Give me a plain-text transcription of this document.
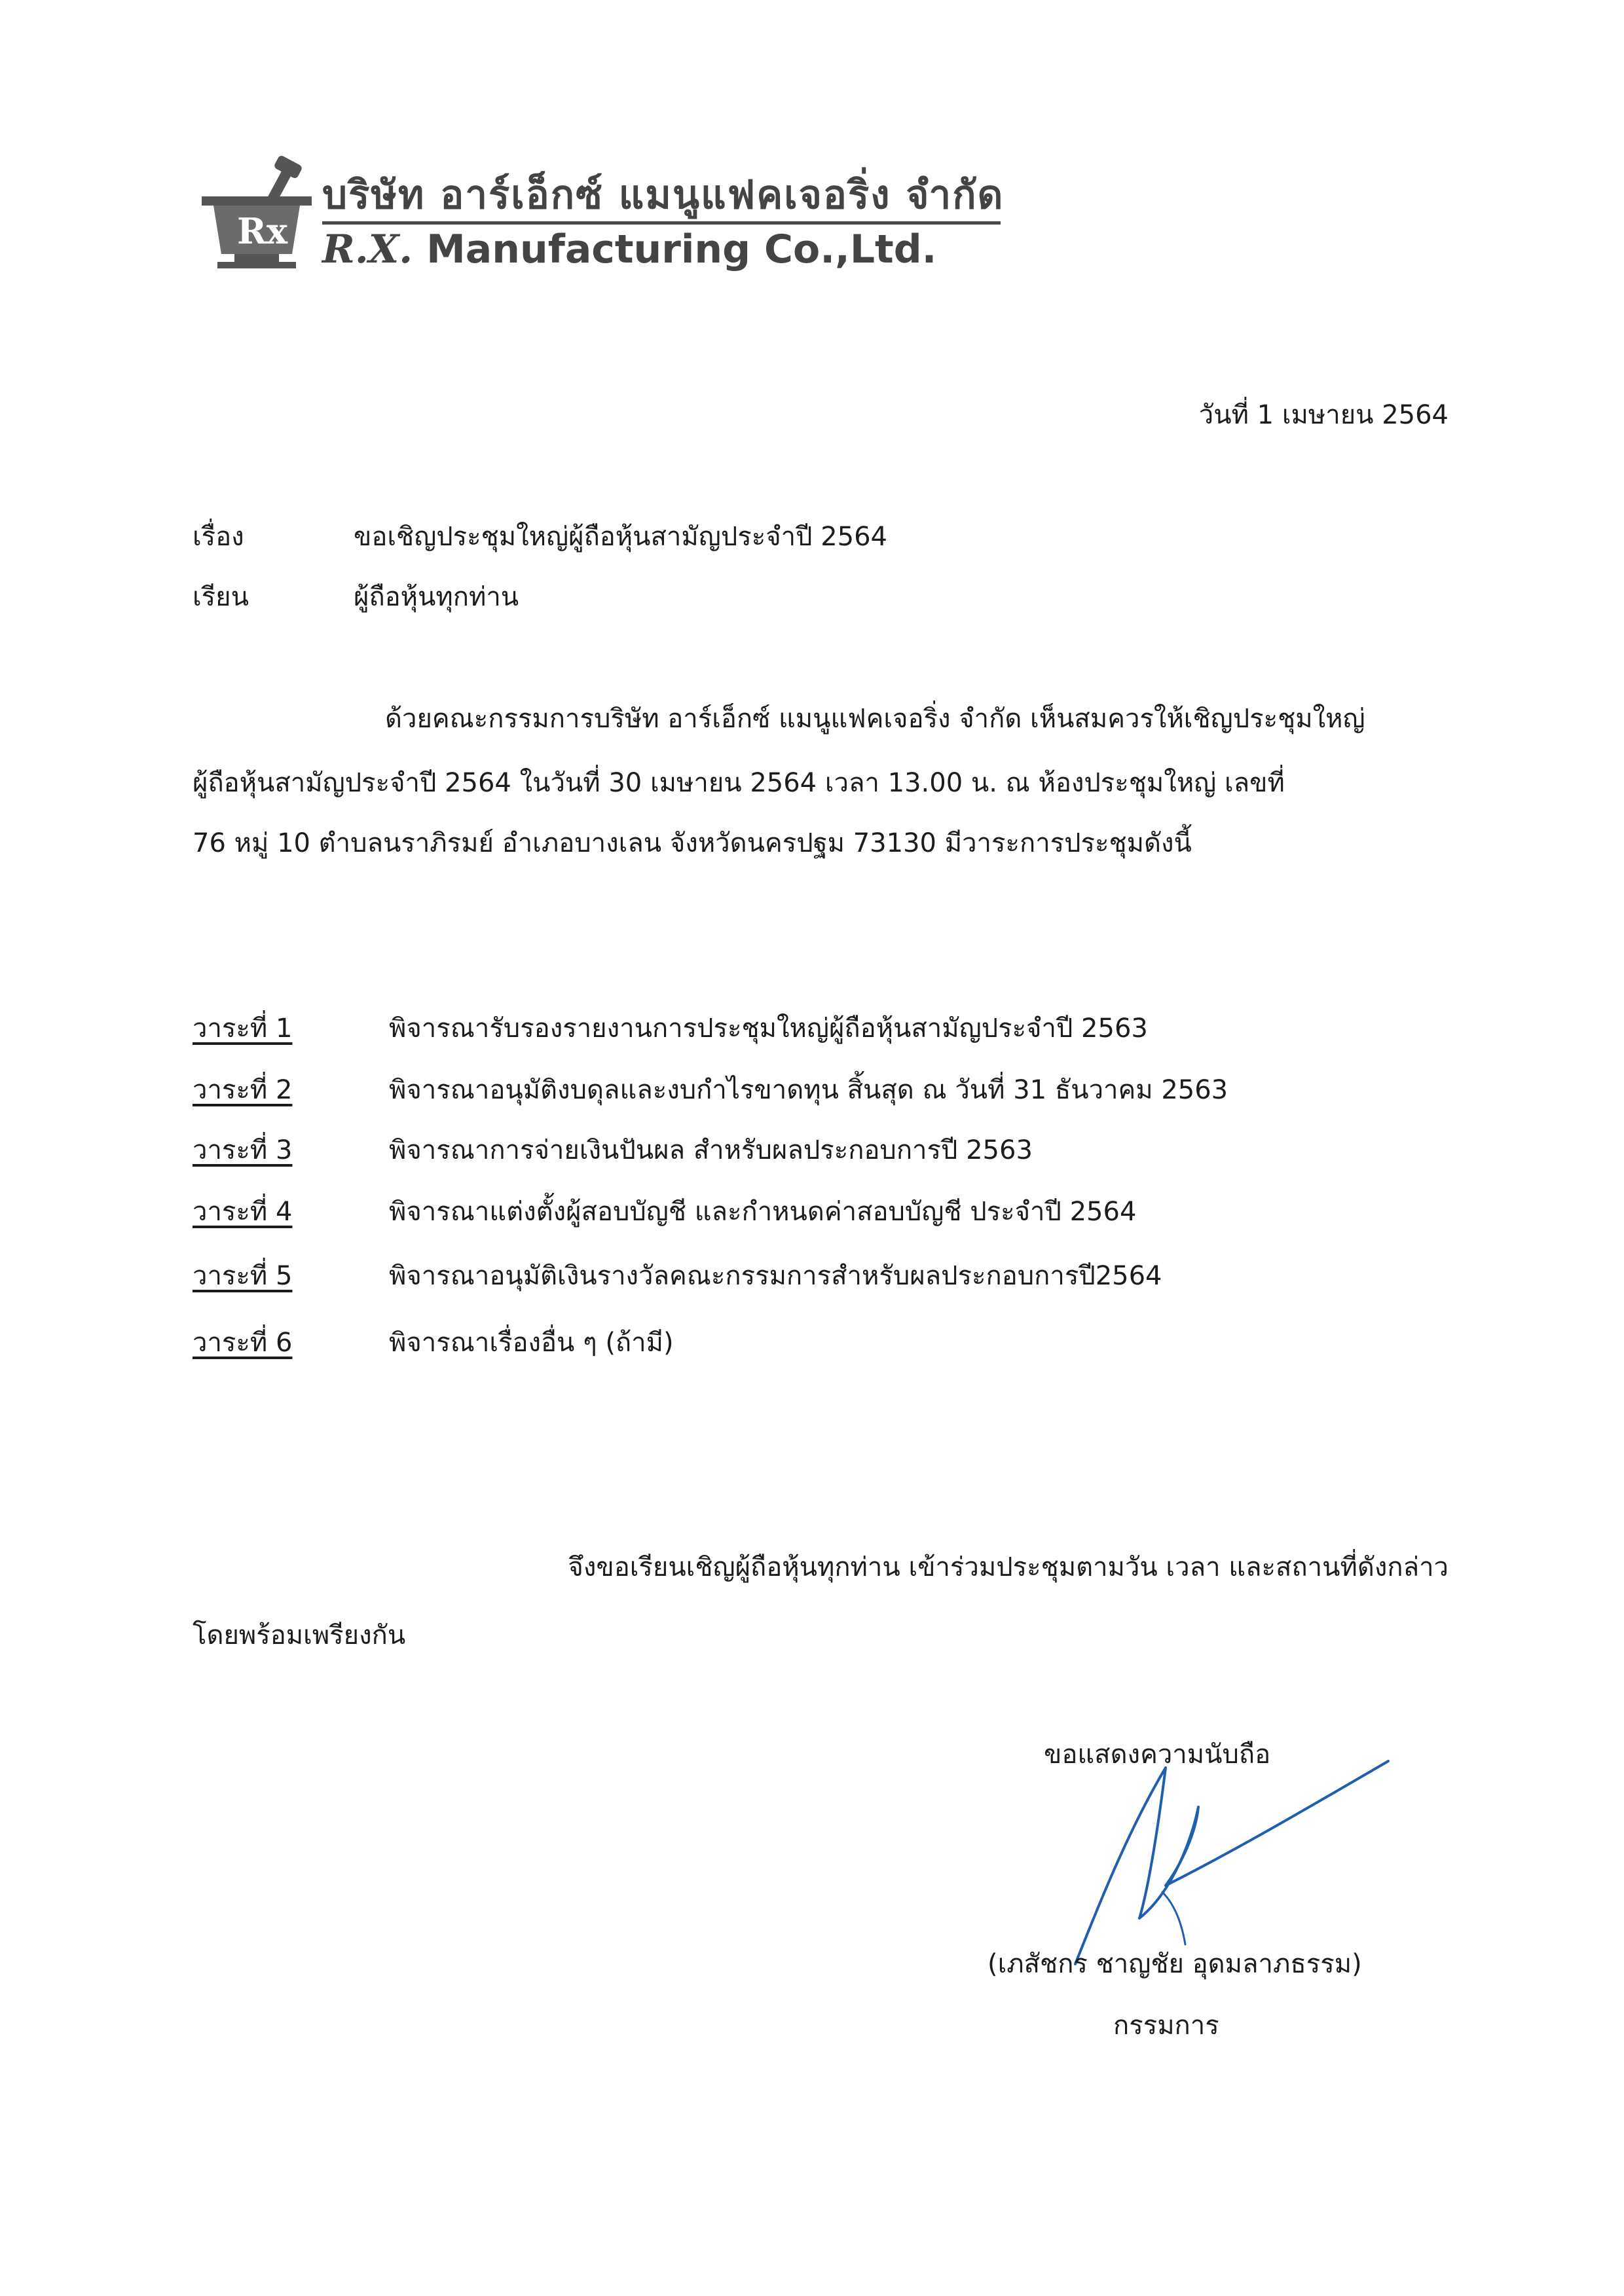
Rx
บริษัท อาร์เอ็กซ์ แมนูแฟคเจอริ่ง จำกัด
R.X. Manufacturing Co.,Ltd.
วันที่ 1 เมษายน 2564
เรื่อง	ขอเชิญประชุมใหญ่ผู้ถือหุ้นสามัญประจำปี 2564
เรียน	ผู้ถือหุ้นทุกท่าน
ด้วยคณะกรรมการบริษัท อาร์เอ็กซ์ แมนูแฟคเจอริ่ง จำกัด เห็นสมควรให้เชิญประชุมใหญ่
ผู้ถือหุ้นสามัญประจำปี 2564 ในวันที่ 30 เมษายน 2564 เวลา 13.00 น. ณ ห้องประชุมใหญ่ เลขที่
76 หมู่ 10 ตำบลนราภิรมย์ อำเภอบางเลน จังหวัดนครปฐม 73130 มีวาระการประชุมดังนี้
วาระที่ 1	พิจารณารับรองรายงานการประชุมใหญ่ผู้ถือหุ้นสามัญประจำปี 2563
วาระที่ 2	พิจารณาอนุมัติงบดุลและงบกำไรขาดทุน สิ้นสุด ณ วันที่ 31 ธันวาคม 2563
วาระที่ 3	พิจารณาการจ่ายเงินปันผล สำหรับผลประกอบการปี 2563
วาระที่ 4	พิจารณาแต่งตั้งผู้สอบบัญชี และกำหนดค่าสอบบัญชี ประจำปี 2564
วาระที่ 5	พิจารณาอนุมัติเงินรางวัลคณะกรรมการสำหรับผลประกอบการปี2564
วาระที่ 6	พิจารณาเรื่องอื่น ๆ (ถ้ามี)
จึงขอเรียนเชิญผู้ถือหุ้นทุกท่าน เข้าร่วมประชุมตามวัน เวลา และสถานที่ดังกล่าว
โดยพร้อมเพรียงกัน
ขอแสดงความนับถือ
(เภสัชกร ชาญชัย อุดมลาภธรรม)
กรรมการ
